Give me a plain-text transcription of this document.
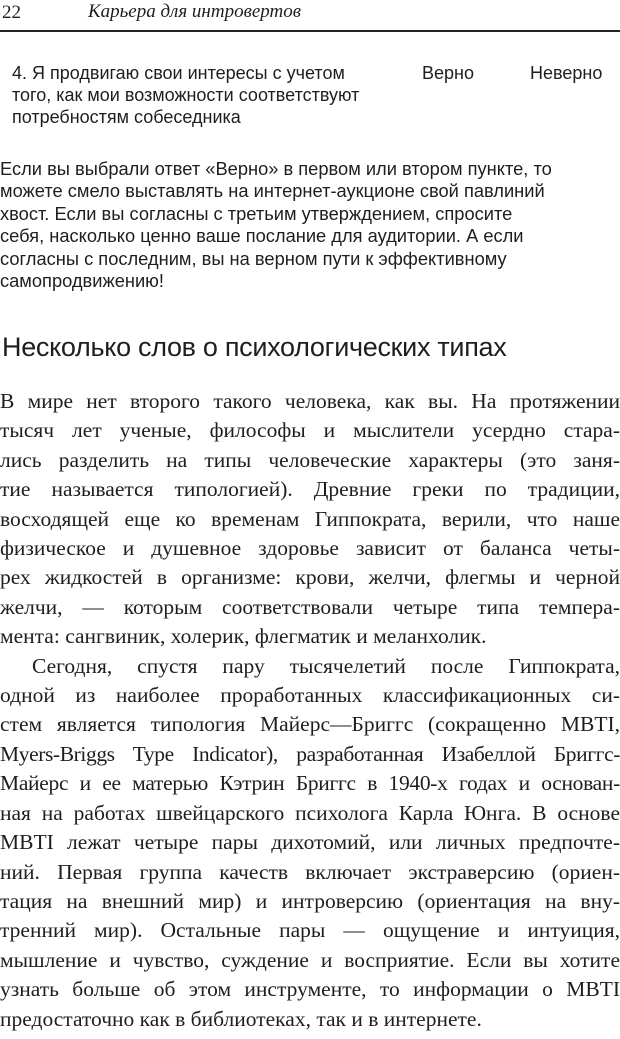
22	Карьера для интровертов
4. Я продвигаю свои интересы с учетом
того, как мои возможности соответствуют
потребностям собеседника
Верно	Неверно
Если вы выбрали ответ «Верно» в первом или втором пункте, то
можете смело выставлять на интернет-аукционе свой павлиний
хвост. Если вы согласны с третьим утверждением, спросите
себя, насколько ценно ваше послание для аудитории. А если
согласны с последним, вы на верном пути к эффективному
самопродвижению!
Несколько слов о психологических типах
В мире нет второго такого человека, как вы. На протяжении
тысяч лет ученые, философы и мыслители усердно стара-
лись разделить на типы человеческие характеры (это заня-
тие называется типологией). Древние греки по традиции,
восходящей еще ко временам Гиппократа, верили, что наше
физическое и душевное здоровье зависит от баланса четы-
рех жидкостей в организме: крови, желчи, флегмы и черной
желчи, — которым соответствовали четыре типа темпера-
мента: сангвиник, холерик, флегматик и меланхолик.
Сегодня, спустя пару тысячелетий после Гиппократа,
одной из наиболее проработанных классификационных си-
стем является типология Майерс—Бриггс (сокращенно MBTI,
Myers-Briggs Type Indicator), разработанная Изабеллой Бриггс-
Майерс и ее матерью Кэтрин Бриггс в 1940-х годах и основан-
ная на работах швейцарского психолога Карла Юнга. В основе
MBTI лежат четыре пары дихотомий, или личных предпочте-
ний. Первая группа качеств включает экстраверсию (ориен-
тация на внешний мир) и интроверсию (ориентация на вну-
тренний мир). Остальные пары — ощущение и интуиция,
мышление и чувство, суждение и восприятие. Если вы хотите
узнать больше об этом инструменте, то информации о MBTI
предостаточно как в библиотеках, так и в интернете.
